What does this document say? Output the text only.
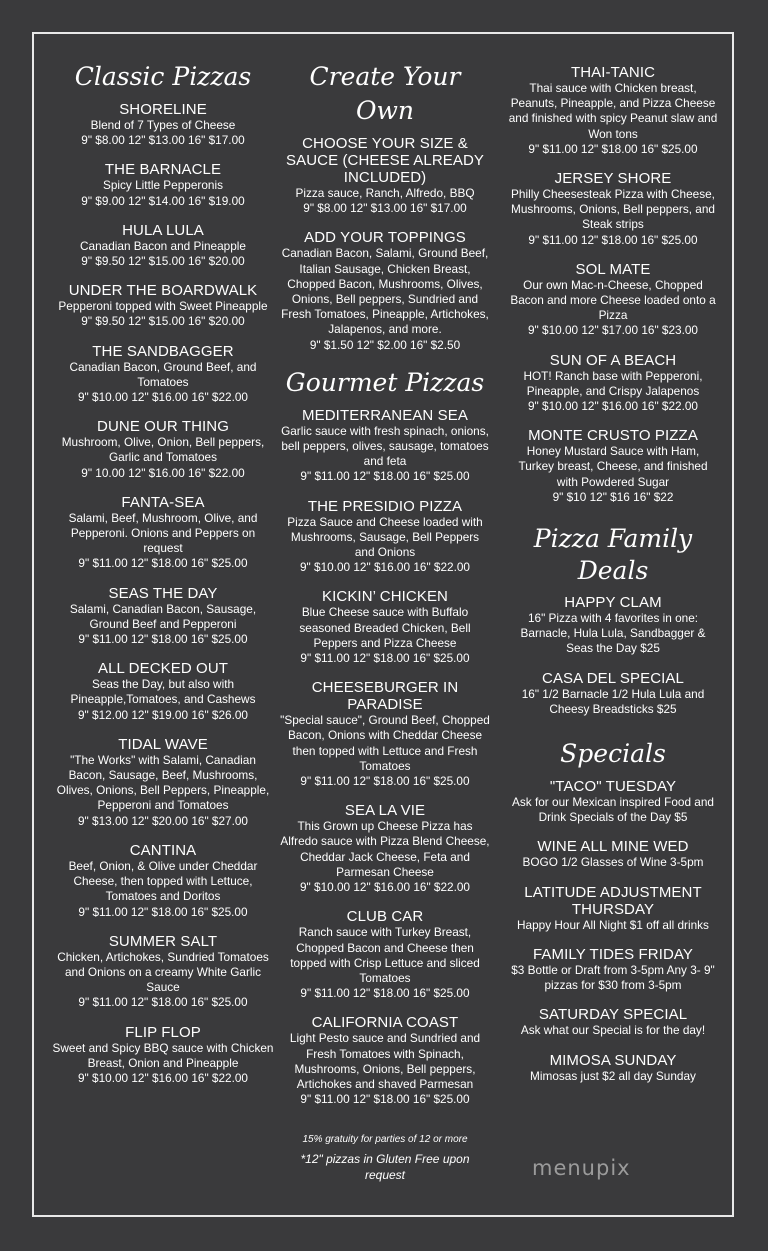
Classic Pizzas
SHORELINE
Blend of 7 Types of Cheese
9" $8.00 12" $13.00 16" $17.00
THE BARNACLE
Spicy Little Pepperonis
9" $9.00 12" $14.00 16" $19.00
HULA LULA
Canadian Bacon and Pineapple
9" $9.50 12" $15.00 16" $20.00
UNDER THE BOARDWALK
Pepperoni topped with Sweet Pineapple
9" $9.50 12" $15.00 16" $20.00
THE SANDBAGGER
Canadian Bacon, Ground Beef, and Tomatoes
9" $10.00 12" $16.00 16" $22.00
DUNE OUR THING
Mushroom, Olive, Onion, Bell peppers, Garlic and Tomatoes
9" 10.00 12" $16.00 16" $22.00
FANTA-SEA
Salami, Beef, Mushroom, Olive, and Pepperoni. Onions and Peppers on request
9" $11.00 12" $18.00 16" $25.00
SEAS THE DAY
Salami, Canadian Bacon, Sausage, Ground Beef and Pepperoni
9" $11.00 12" $18.00 16" $25.00
ALL DECKED OUT
Seas the Day, but also with Pineapple,Tomatoes, and Cashews
9" $12.00 12" $19.00 16" $26.00
TIDAL WAVE
"The Works" with Salami, Canadian Bacon, Sausage, Beef, Mushrooms, Olives, Onions, Bell Peppers, Pineapple, Pepperoni and Tomatoes
9" $13.00 12" $20.00 16" $27.00
CANTINA
Beef, Onion, & Olive under Cheddar Cheese, then topped with Lettuce, Tomatoes and Doritos
9" $11.00 12" $18.00 16" $25.00
SUMMER SALT
Chicken, Artichokes, Sundried Tomatoes and Onions on a creamy White Garlic Sauce
9" $11.00 12" $18.00 16" $25.00
FLIP FLOP
Sweet and Spicy BBQ sauce with Chicken Breast, Onion and Pineapple
9" $10.00 12" $16.00 16" $22.00
Create Your Own
CHOOSE YOUR SIZE & SAUCE (CHEESE ALREADY INCLUDED)
Pizza sauce, Ranch, Alfredo, BBQ
9" $8.00 12" $13.00 16" $17.00
ADD YOUR TOPPINGS
Canadian Bacon, Salami, Ground Beef, Italian Sausage, Chicken Breast, Chopped Bacon, Mushrooms, Olives, Onions, Bell peppers, Sundried and Fresh Tomatoes, Pineapple, Artichokes, Jalapenos, and more.
9" $1.50 12" $2.00 16" $2.50
Gourmet Pizzas
MEDITERRANEAN SEA
Garlic sauce with fresh spinach, onions, bell peppers, olives, sausage, tomatoes and feta
9" $11.00 12" $18.00 16" $25.00
THE PRESIDIO PIZZA
Pizza Sauce and Cheese loaded with Mushrooms, Sausage, Bell Peppers and Onions
9" $10.00 12" $16.00 16" $22.00
KICKIN’ CHICKEN
Blue Cheese sauce with Buffalo seasoned Breaded Chicken, Bell Peppers and Pizza Cheese
9" $11.00 12" $18.00 16" $25.00
CHEESEBURGER IN PARADISE
"Special sauce", Ground Beef, Chopped Bacon, Onions with Cheddar Cheese then topped with Lettuce and Fresh Tomatoes
9" $11.00 12" $18.00 16" $25.00
SEA LA VIE
This Grown up Cheese Pizza has Alfredo sauce with Pizza Blend Cheese, Cheddar Jack Cheese, Feta and Parmesan Cheese
9" $10.00 12" $16.00 16" $22.00
CLUB CAR
Ranch sauce with Turkey Breast, Chopped Bacon and Cheese then topped with Crisp Lettuce and sliced Tomatoes
9" $11.00 12" $18.00 16" $25.00
CALIFORNIA COAST
Light Pesto sauce and Sundried and Fresh Tomatoes with Spinach, Mushrooms, Onions, Bell peppers, Artichokes and shaved Parmesan
9" $11.00 12" $18.00 16" $25.00
15% gratuity for parties of 12 or more
*12" pizzas in Gluten Free upon request
THAI-TANIC
Thai sauce with Chicken breast, Peanuts, Pineapple, and Pizza Cheese and finished with spicy Peanut slaw and Won tons
9" $11.00 12" $18.00 16" $25.00
JERSEY SHORE
Philly Cheesesteak Pizza with Cheese, Mushrooms, Onions, Bell peppers, and Steak strips
9" $11.00 12" $18.00 16" $25.00
SOL MATE
Our own Mac-n-Cheese, Chopped Bacon and more Cheese loaded onto a Pizza
9" $10.00 12" $17.00 16" $23.00
SUN OF A BEACH
HOT! Ranch base with Pepperoni, Pineapple, and Crispy Jalapenos
9" $10.00 12" $16.00 16" $22.00
MONTE CRUSTO PIZZA
Honey Mustard Sauce with Ham, Turkey breast, Cheese, and finished with Powdered Sugar
9" $10 12" $16 16" $22
Pizza Family
Deals
HAPPY CLAM
16" Pizza with 4 favorites in one: Barnacle, Hula Lula, Sandbagger & Seas the Day $25
CASA DEL SPECIAL
16" 1/2 Barnacle 1/2 Hula Lula and Cheesy Breadsticks $25
Specials
"TACO" TUESDAY
Ask for our Mexican inspired Food and Drink Specials of the Day $5
WINE ALL MINE WED
BOGO 1/2 Glasses of Wine 3-5pm
LATITUDE ADJUSTMENT THURSDAY
Happy Hour All Night $1 off all drinks
FAMILY TIDES FRIDAY
$3 Bottle or Draft from 3-5pm Any 3- 9" pizzas for $30 from 3-5pm
SATURDAY SPECIAL
Ask what our Special is for the day!
MIMOSA SUNDAY
Mimosas just $2 all day Sunday
menupix
